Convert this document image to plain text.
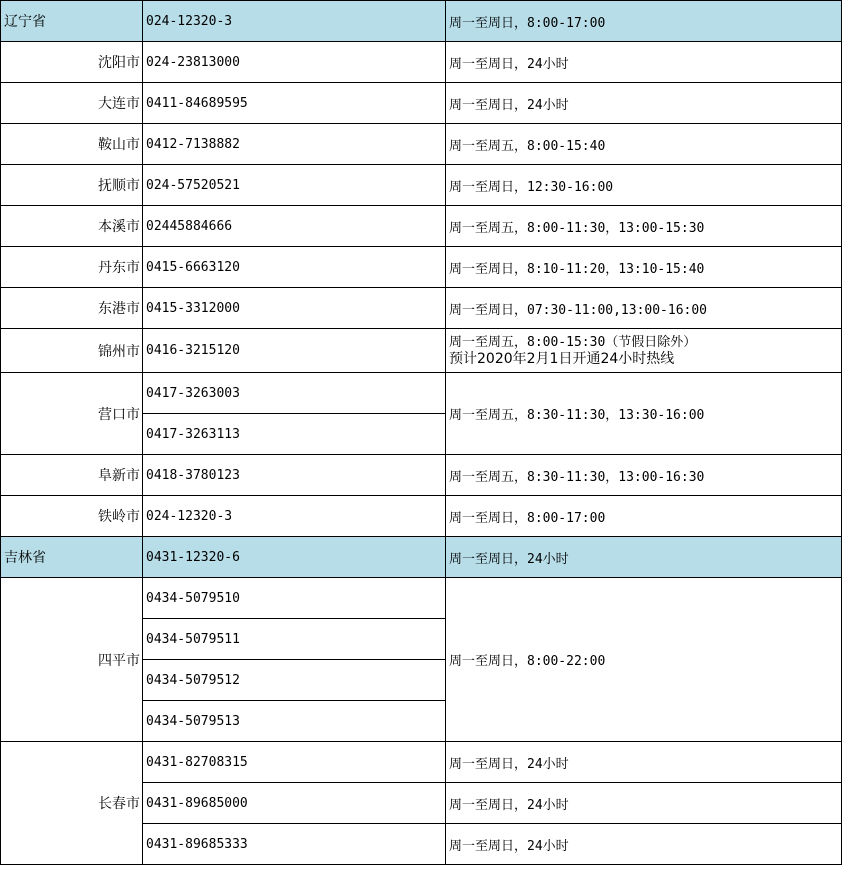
辽宁省	024-12320-3	周一至周日，8:00-17:00
沈阳市	024-23813000	周一至周日，24小时
大连市	0411-84689595	周一至周日，24小时
鞍山市	0412-7138882	周一至周五，8:00-15:40
抚顺市	024-57520521	周一至周日，12:30-16:00
本溪市	02445884666	周一至周五，8:00-11:30，13:00-15:30
丹东市	0415-6663120	周一至周日，8:10-11:20，13:10-15:40
东港市	0415-3312000	周一至周日，07:30-11:00,13:00-16:00
锦州市	0416-3215120	周一至周五，8:00-15:30（节假日除外）
预计2020年2月1日开通24小时热线

营口市	0417-3263003	周一至周五，8:30-11:30，13:30-16:00
	0417-3263113	
阜新市	0418-3780123	周一至周五，8:30-11:30，13:00-16:30
铁岭市	024-12320-3	周一至周日，8:00-17:00
吉林省	0431-12320-6	周一至周日，24小时
四平市	0434-5079510	周一至周日，8:00-22:00
	0434-5079511	
	0434-5079512	
	0434-5079513	
长春市	0431-82708315	周一至周日，24小时
	0431-89685000	周一至周日，24小时
	0431-89685333	周一至周日，24小时
